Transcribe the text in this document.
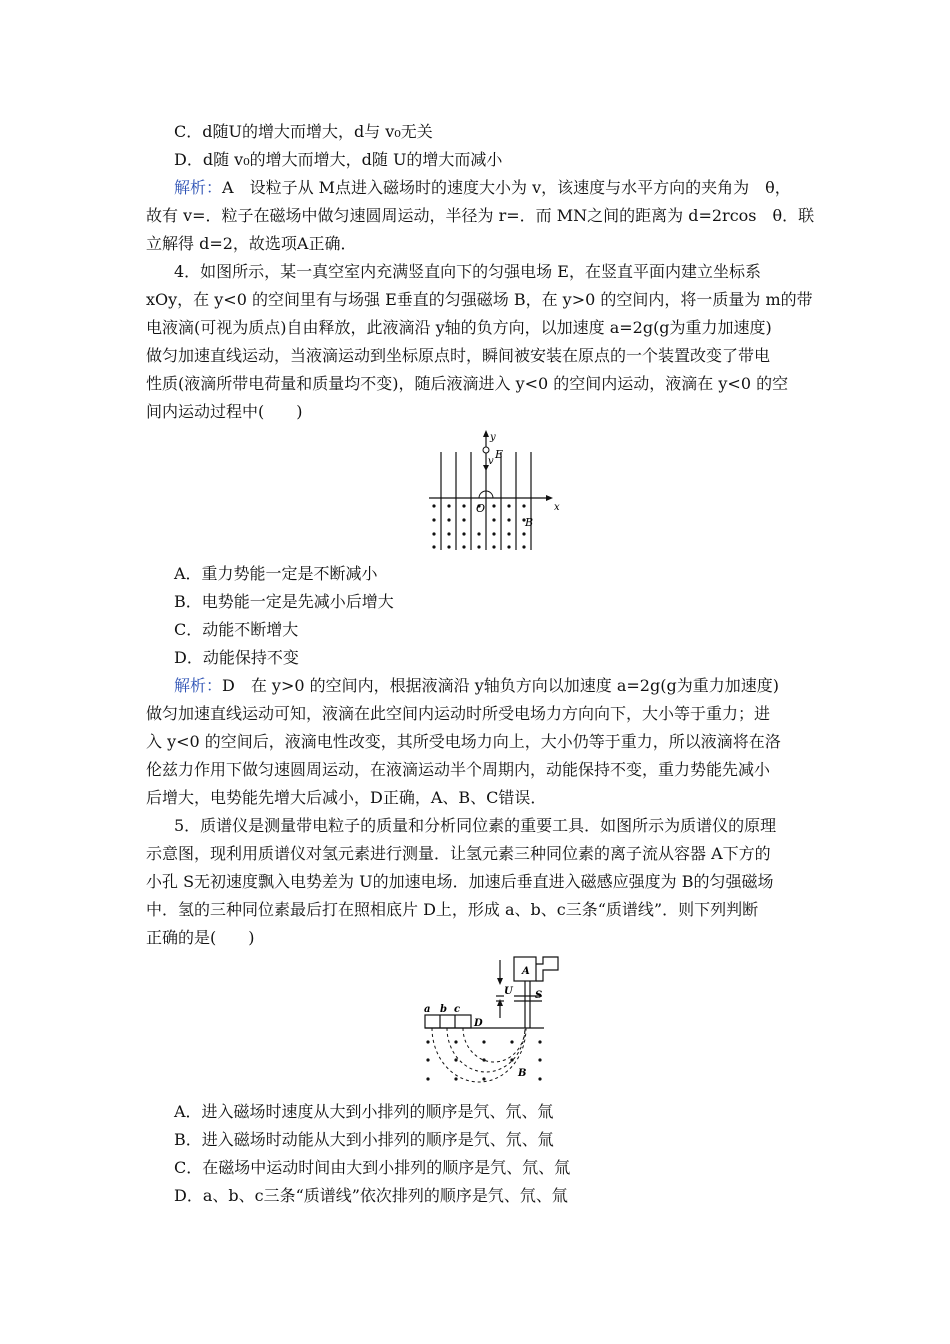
C．d随U的增大而增大，d与 v₀无关
D．d随 v₀的增大而增大，d随 U的增大而减小
解析：A　设粒子从 M点进入磁场时的速度大小为 v，该速度与水平方向的夹角为　θ，
故有 v=．粒子在磁场中做匀速圆周运动，半径为 r=．而 MN之间的距离为 d=2rcos　θ．联
立解得 d=2，故选项A正确．
4．如图所示，某一真空室内充满竖直向下的匀强电场 E，在竖直平面内建立坐标系
xOy，在 y<0 的空间里有与场强 E垂直的匀强磁场 B，在 y>0 的空间内，将一质量为 m的带
电液滴(可视为质点)自由释放，此液滴沿 y轴的负方向，以加速度 a=2g(g为重力加速度)
做匀加速直线运动，当液滴运动到坐标原点时，瞬间被安装在原点的一个装置改变了带电
性质(液滴所带电荷量和质量均不变)，随后液滴进入 y<0 的空间内运动，液滴在 y<0 的空
间内运动过程中(　　)
y
x
v
E
O
B
A．重力势能一定是不断减小
B．电势能一定是先减小后增大
C．动能不断增大
D．动能保持不变
解析：D　在 y>0 的空间内，根据液滴沿 y轴负方向以加速度 a=2g(g为重力加速度)
做匀加速直线运动可知，液滴在此空间内运动时所受电场力方向向下，大小等于重力；进
入 y<0 的空间后，液滴电性改变，其所受电场力向上，大小仍等于重力，所以液滴将在洛
伦兹力作用下做匀速圆周运动，在液滴运动半个周期内，动能保持不变，重力势能先减小
后增大，电势能先增大后减小，D正确，A、B、C错误．
5．质谱仪是测量带电粒子的质量和分析同位素的重要工具．如图所示为质谱仪的原理
示意图，现利用质谱仪对氢元素进行测量．让氢元素三种同位素的离子流从容器 A下方的
小孔 S无初速度飘入电势差为 U的加速电场．加速后垂直进入磁感应强度为 B的匀强磁场
中．氢的三种同位素最后打在照相底片 D上，形成 a、b、c三条“质谱线”．则下列判断
正确的是(　　)
a b c
D
U S
A
B
A．进入磁场时速度从大到小排列的顺序是氕、氘、氚
B．进入磁场时动能从大到小排列的顺序是氕、氘、氚
C．在磁场中运动时间由大到小排列的顺序是氕、氘、氚
D．a、b、c三条“质谱线”依次排列的顺序是氕、氘、氚
